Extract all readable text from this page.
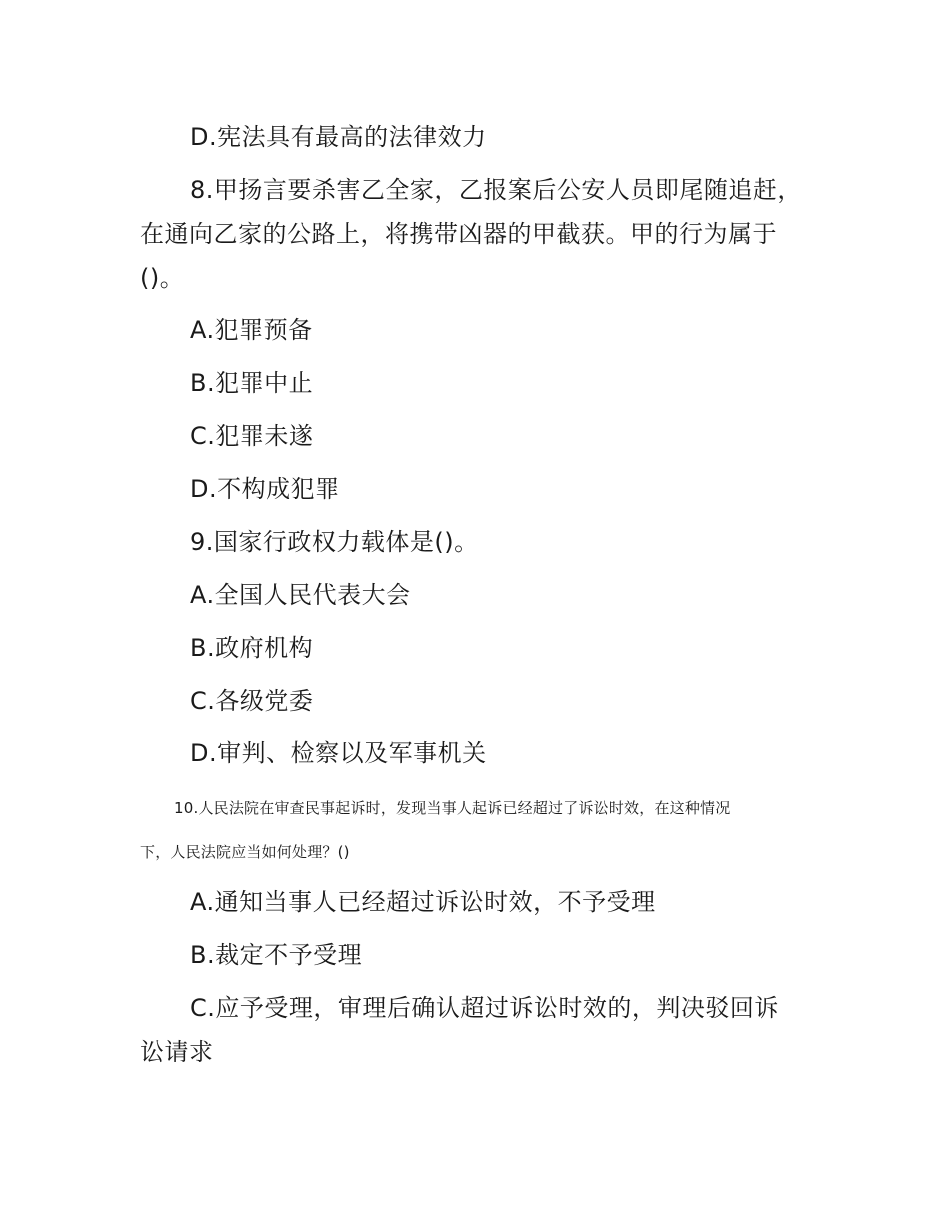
D.宪法具有最高的法律效力
8.甲扬言要杀害乙全家，乙报案后公安人员即尾随追赶，
在通向乙家的公路上，将携带凶器的甲截获。甲的行为属于
()。
A.犯罪预备
B.犯罪中止
C.犯罪未遂
D.不构成犯罪
9.国家行政权力载体是()。
A.全国人民代表大会
B.政府机构
C.各级党委
D.审判、检察以及军事机关
10.人民法院在审查民事起诉时，发现当事人起诉已经超过了诉讼时效，在这种情况
下，人民法院应当如何处理？()
A.通知当事人已经超过诉讼时效，不予受理
B.裁定不予受理
C.应予受理，审理后确认超过诉讼时效的，判决驳回诉
讼请求
